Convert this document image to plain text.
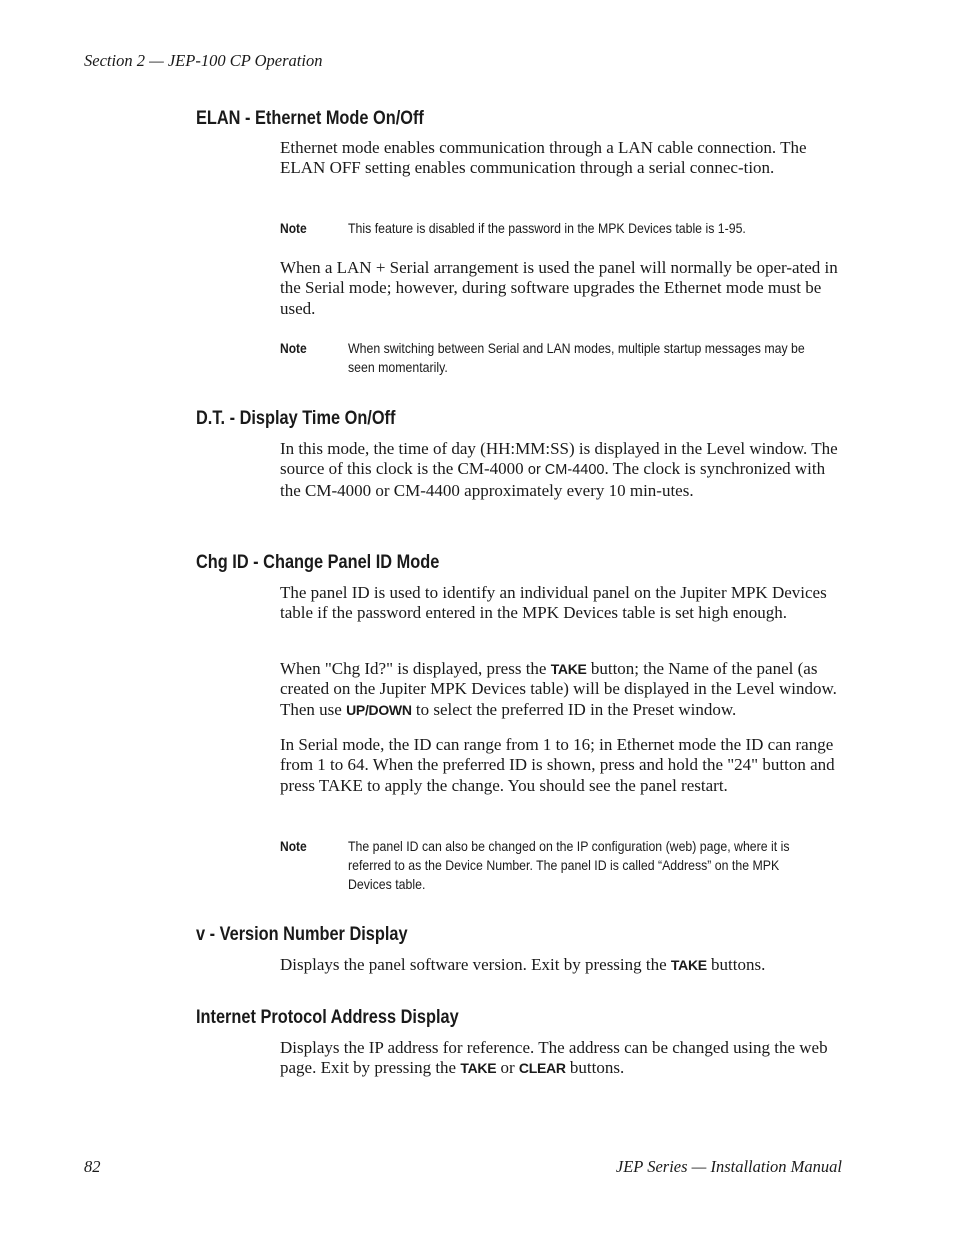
Section 2 — JEP-100 CP Operation
ELAN - Ethernet Mode On/Off
Ethernet mode enables communication through a LAN cable connection. The ELAN OFF setting enables communication through a serial connec-tion.
Note	This feature is disabled if the password in the MPK Devices table is 1-95.
When a LAN + Serial arrangement is used the panel will normally be oper-ated in the Serial mode; however, during software upgrades the Ethernet mode must be used.
Note	When switching between Serial and LAN modes, multiple startup messages may be seen momentarily.
D.T. - Display Time On/Off
In this mode, the time of day (HH:MM:SS) is displayed in the Level window. The source of this clock is the CM-4000 or CM-4400. The clock is synchronized with the CM-4000 or CM-4400 approximately every 10 min-utes.
Chg ID - Change Panel ID Mode
The panel ID is used to identify an individual panel on the Jupiter MPK Devices table if the password entered in the MPK Devices table is set high enough.
When "Chg Id?" is displayed, press the TAKE button; the Name of the panel (as created on the Jupiter MPK Devices table) will be displayed in the Level window. Then use UP/DOWN to select the preferred ID in the Preset window.
In Serial mode, the ID can range from 1 to 16; in Ethernet mode the ID can range from 1 to 64. When the preferred ID is shown, press and hold the "24" button and press TAKE to apply the change. You should see the panel restart.
Note	The panel ID can also be changed on the IP configuration (web) page, where it is referred to as the Device Number. The panel ID is called “Address” on the MPK Devices table.
v - Version Number Display
Displays the panel software version. Exit by pressing the TAKE buttons.
Internet Protocol Address Display
Displays the IP address for reference. The address can be changed using the web page. Exit by pressing the TAKE or CLEAR buttons.
82	JEP Series — Installation Manual
